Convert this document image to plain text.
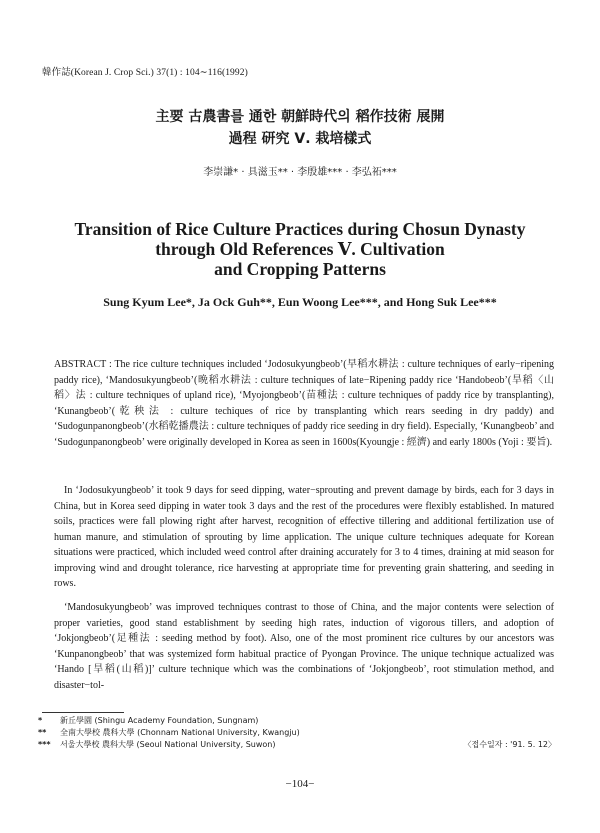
韓作誌(Korean J. Crop Sci.) 37(1) : 104∼116(1992)
主要 古農書를 通한 朝鮮時代의 稻作技術 展開
過程 研究 Ⅴ. 栽培樣式
李崇謙* · 具滋玉** · 李殷雄*** · 李弘祏***
Transition of Rice Culture Practices during Chosun Dynasty
through Old References Ⅴ. Cultivation
and Cropping Patterns
Sung Kyum Lee*, Ja Ock Guh**, Eun Woong Lee***, and Hong Suk Lee***

ABSTRACT : The rice culture techniques included ‘Jodosukyungbeob’(早稻水耕法 : culture techniques of early−ripening paddy rice), ‘Mandosukyungbeob’(晩稻水耕法 : culture techniques of late−Ripening paddy rice ‘Handobeob’(旱稻〈山稻〉法 : culture techniques of upland rice), ‘Myojongbeob’(苗種法 : culture techniques of paddy rice by transplanting), ‘Kunangbeob’(乾秧法 : culture techiques of rice by transplanting which rears seeding in dry paddy) and ‘Sudogunpanongbeob’(水稻乾播農法 : culture techniques of paddy rice seeding in dry field). Especially, ‘Kunangbeob’ and ‘Sudogunpanongbeob’ were originally developed in Korea as seen in 1600s(Kyoungje : 經濟) and early 1800s (Yoji : 要旨).

In ‘Jodosukyungbeob’ it took 9 days for seed dipping, water−sprouting and prevent damage by birds, each for 3 days in China, but in Korea seed dipping in water took 3 days and the rest of the procedures were flexibly established. In matured soils, practices were fall plowing right after harvest, recognition of effective tillering and additional fertilization use of human manure, and stimulation of sprouting by lime application. The unique culture techniques adequate for Korean situations were practiced, which included weed control after draining accurately for 3 to 4 times, draining at mid season for improving wind and drought tolerance, rice harvesting at appropriate time for preventing grain shattering, and seeding in rows.

‘Mandosukyungbeob’ was improved techniques contrast to those of China, and the major contents were selection of proper varieties, good stand establishment by seeding high rates, induction of vigorous tillers, and adoption of ‘Jokjongbeob’(足種法 : seeding method by foot). Also, one of the most prominent rice cultures by our ancestors was ‘Kunpanongbeob’ that was systemized form habitual practice of Pyongan Province. The unique technique actualized was ‘Hando [旱稻(山稻)]’ culture technique which was the combinations of ‘Jokjongbeob’, root stimulation method, and disaster−tol-

* 新丘學園 (Shingu Academy Foundation, Sungnam)
** 全南大學校 農科大學 (Chonnam National University, Kwangju)
*** 서울大學校 農科大學 (Seoul National University, Suwon)	〈접수일자 : '91. 5. 12〉
−104−
